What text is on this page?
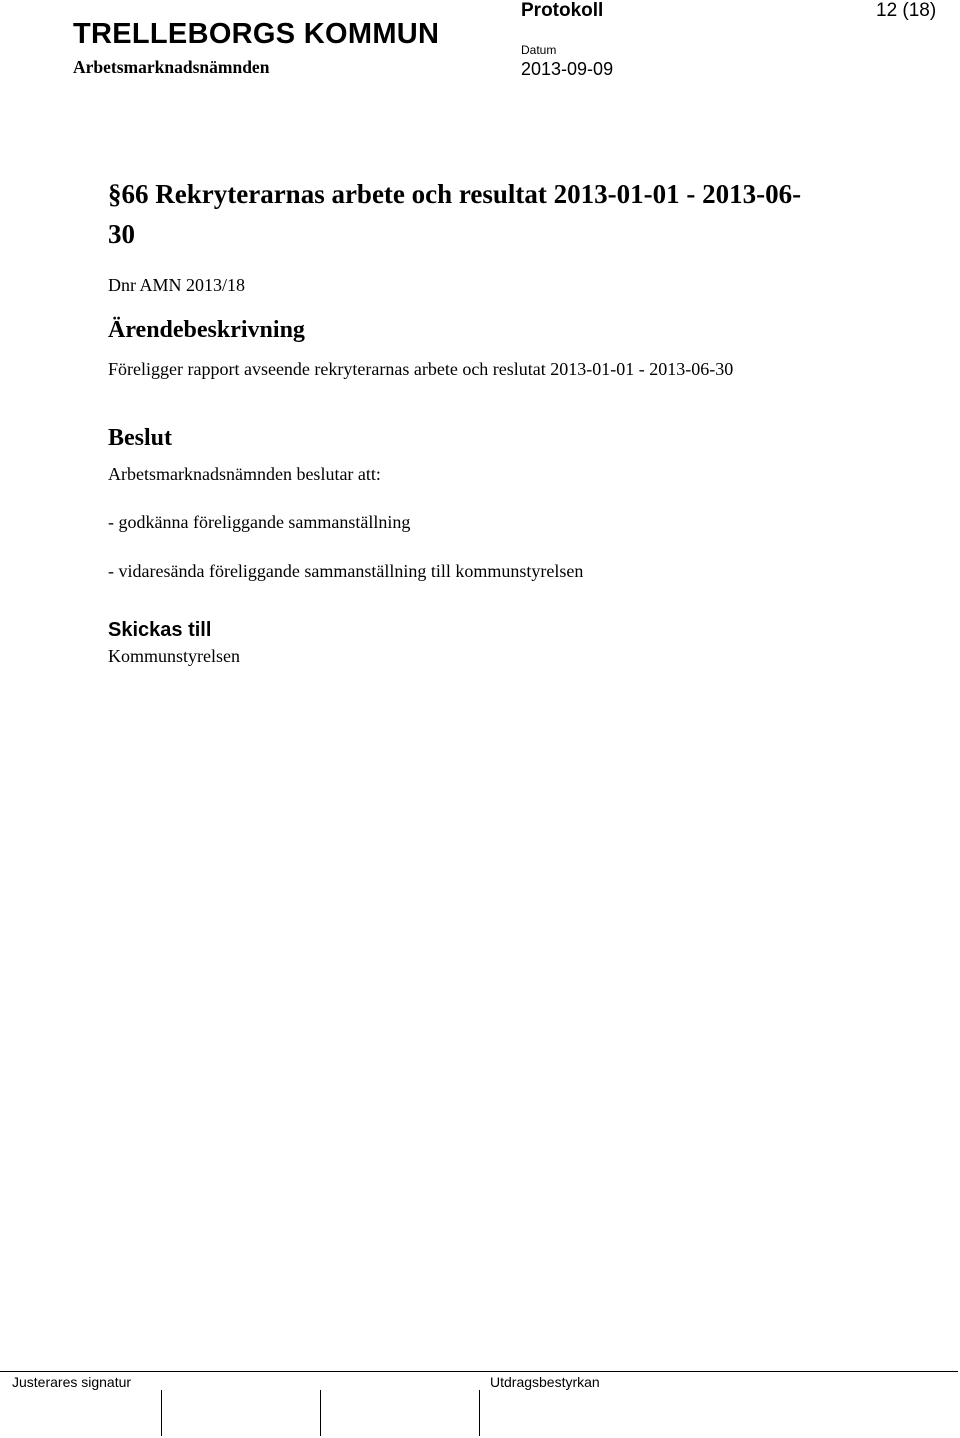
TRELLEBORGS KOMMUN
Arbetsmarknadsnämnden
Protokoll
Datum
2013-09-09
12 (18)
§66 Rekryterarnas arbete och resultat 2013-01-01 - 2013-06-30
Dnr AMN 2013/18
Ärendebeskrivning
Föreligger rapport avseende rekryterarnas arbete och reslutat 2013-01-01 - 2013-06-30
Beslut
Arbetsmarknadsnämnden beslutar att:
- godkänna föreliggande sammanställning
- vidaresända föreliggande sammanställning till kommunstyrelsen
Skickas till
Kommunstyrelsen
Justerares signatur	Utdragsbestyrkan
